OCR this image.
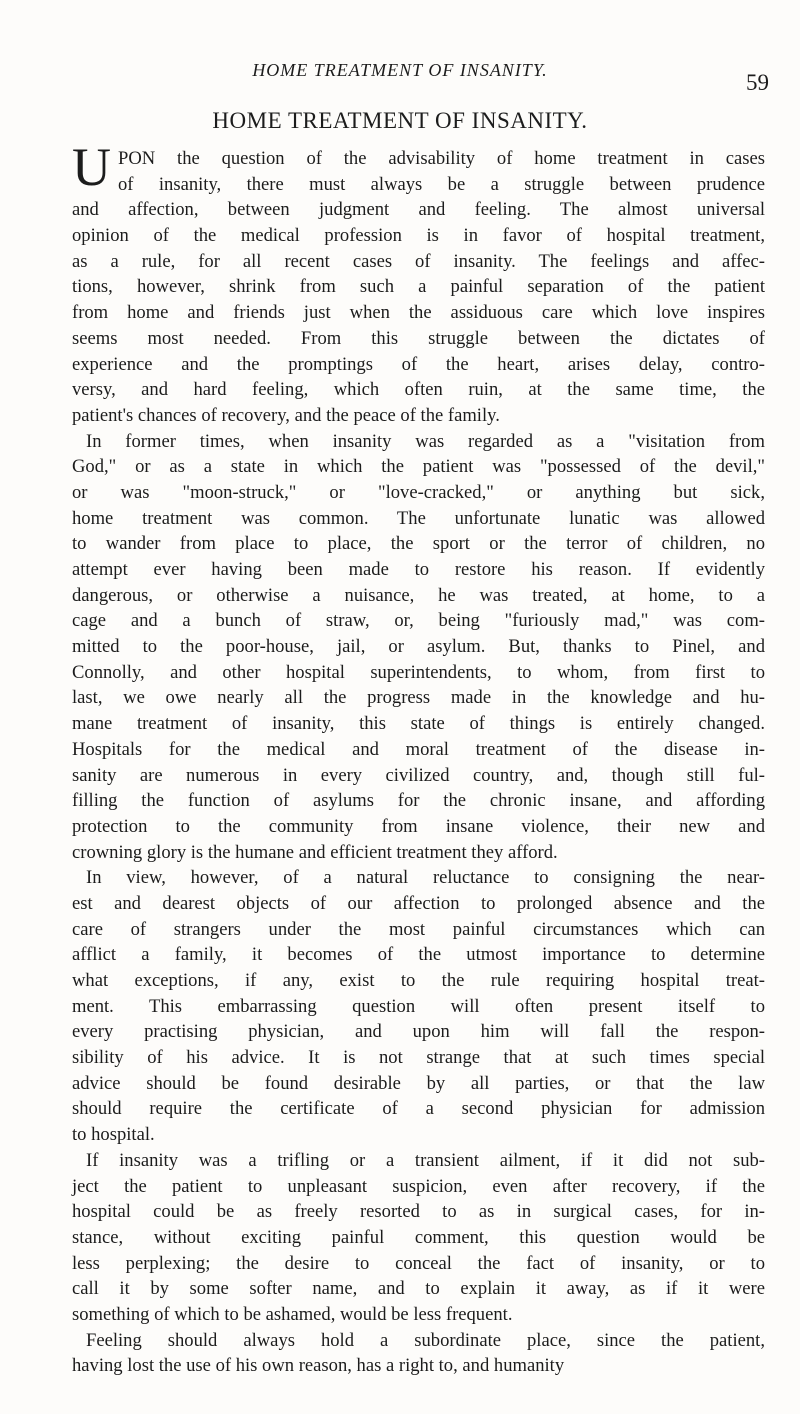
HOME TREATMENT OF INSANITY.	59
HOME TREATMENT OF INSANITY.
U PON the question of the advisability of home treatment in cases
of insanity, there must always be a struggle between prudence
and affection, between judgment and feeling. The almost universal
opinion of the medical profession is in favor of hospital treatment,
as a rule, for all recent cases of insanity. The feelings and affec-
tions, however, shrink from such a painful separation of the patient
from home and friends just when the assiduous care which love inspires
seems most needed. From this struggle between the dictates of
experience and the promptings of the heart, arises delay, contro-
versy, and hard feeling, which often ruin, at the same time, the
patient's chances of recovery, and the peace of the family.
In former times, when insanity was regarded as a "visitation from
God," or as a state in which the patient was "possessed of the devil,"
or was "moon-struck," or "love-cracked," or anything but sick,
home treatment was common. The unfortunate lunatic was allowed
to wander from place to place, the sport or the terror of children, no
attempt ever having been made to restore his reason. If evidently
dangerous, or otherwise a nuisance, he was treated, at home, to a
cage and a bunch of straw, or, being "furiously mad," was com-
mitted to the poor-house, jail, or asylum. But, thanks to Pinel, and
Connolly, and other hospital superintendents, to whom, from first to
last, we owe nearly all the progress made in the knowledge and hu-
mane treatment of insanity, this state of things is entirely changed.
Hospitals for the medical and moral treatment of the disease in-
sanity are numerous in every civilized country, and, though still ful-
filling the function of asylums for the chronic insane, and affording
protection to the community from insane violence, their new and
crowning glory is the humane and efficient treatment they afford.
In view, however, of a natural reluctance to consigning the near-
est and dearest objects of our affection to prolonged absence and the
care of strangers under the most painful circumstances which can
afflict a family, it becomes of the utmost importance to determine
what exceptions, if any, exist to the rule requiring hospital treat-
ment. This embarrassing question will often present itself to
every practising physician, and upon him will fall the respon-
sibility of his advice. It is not strange that at such times special
advice should be found desirable by all parties, or that the law
should require the certificate of a second physician for admission
to hospital.
If insanity was a trifling or a transient ailment, if it did not sub-
ject the patient to unpleasant suspicion, even after recovery, if the
hospital could be as freely resorted to as in surgical cases, for in-
stance, without exciting painful comment, this question would be
less perplexing; the desire to conceal the fact of insanity, or to
call it by some softer name, and to explain it away, as if it were
something of which to be ashamed, would be less frequent.
Feeling should always hold a subordinate place, since the patient,
having lost the use of his own reason, has a right to, and humanity
